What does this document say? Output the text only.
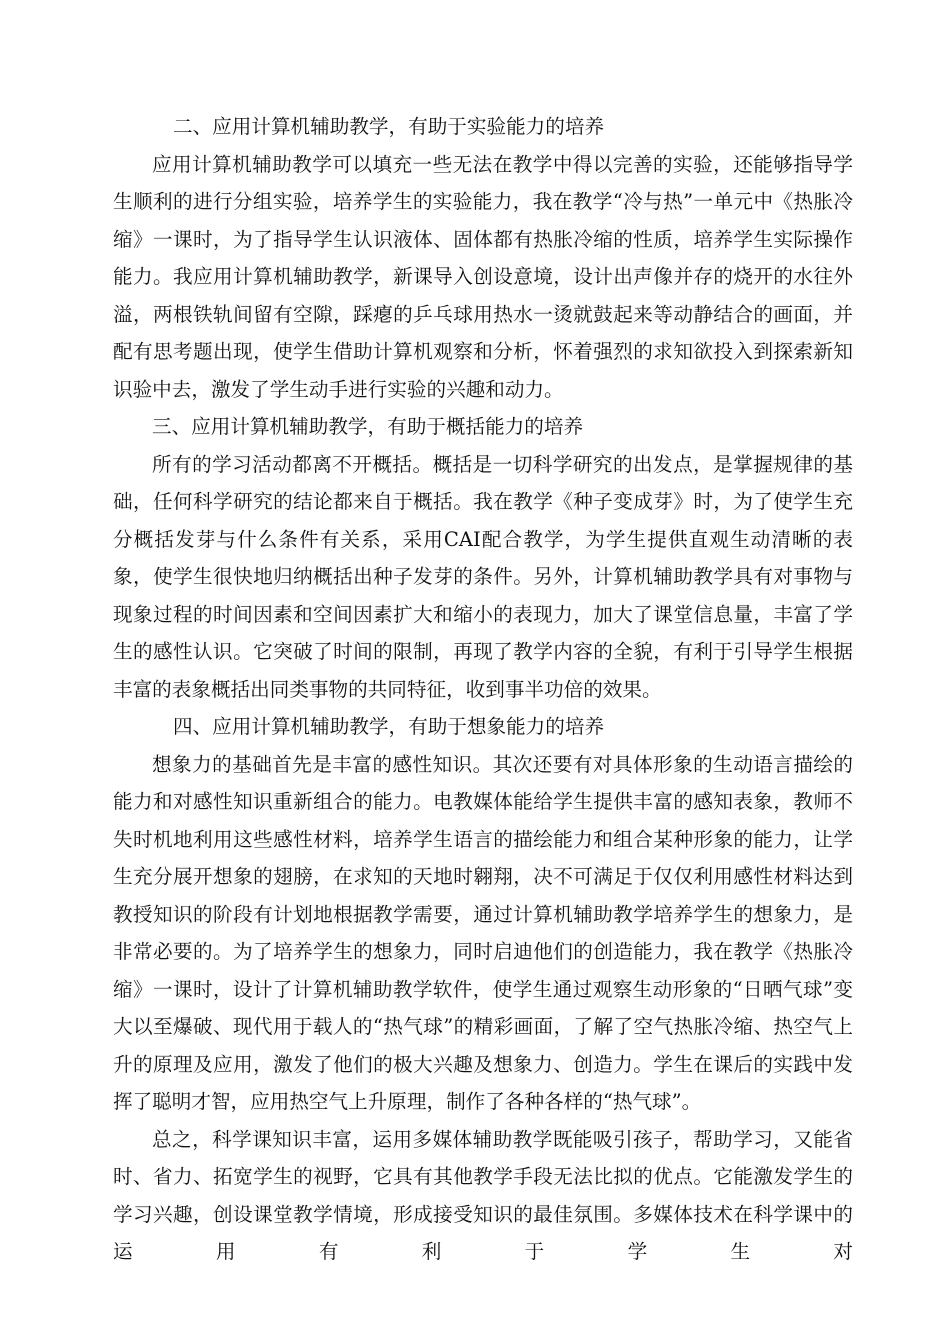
二、应用计算机辅助教学，有助于实验能力的培养

应用计算机辅助教学可以填充一些无法在教学中得以完善的实验，还能够指导学生顺利的进行分组实验，培养学生的实验能力，我在教学“冷与热”一单元中《热胀冷缩》一课时，为了指导学生认识液体、固体都有热胀冷缩的性质，培养学生实际操作能力。我应用计算机辅助教学，新课导入创设意境，设计出声像并存的烧开的水往外溢，两根铁轨间留有空隙，踩瘪的乒乓球用热水一烫就鼓起来等动静结合的画面，并配有思考题出现，使学生借助计算机观察和分析，怀着强烈的求知欲投入到探索新知识验中去，激发了学生动手进行实验的兴趣和动力。

三、应用计算机辅助教学，有助于概括能力的培养

所有的学习活动都离不开概括。概括是一切科学研究的出发点，是掌握规律的基础，任何科学研究的结论都来自于概括。我在教学《种子变成芽》时，为了使学生充分概括发芽与什么条件有关系，采用CAI配合教学，为学生提供直观生动清晰的表象，使学生很快地归纳概括出种子发芽的条件。另外，计算机辅助教学具有对事物与现象过程的时间因素和空间因素扩大和缩小的表现力，加大了课堂信息量，丰富了学生的感性认识。它突破了时间的限制，再现了教学内容的全貌，有利于引导学生根据丰富的表象概括出同类事物的共同特征，收到事半功倍的效果。

四、应用计算机辅助教学，有助于想象能力的培养

想象力的基础首先是丰富的感性知识。其次还要有对具体形象的生动语言描绘的能力和对感性知识重新组合的能力。电教媒体能给学生提供丰富的感知表象，教师不失时机地利用这些感性材料，培养学生语言的描绘能力和组合某种形象的能力，让学生充分展开想象的翅膀，在求知的天地时翱翔，决不可满足于仅仅利用感性材料达到教授知识的阶段有计划地根据教学需要，通过计算机辅助教学培养学生的想象力，是非常必要的。为了培养学生的想象力，同时启迪他们的创造能力，我在教学《热胀冷缩》一课时，设计了计算机辅助教学软件，使学生通过观察生动形象的“日晒气球”变大以至爆破、现代用于载人的“热气球”的精彩画面，了解了空气热胀冷缩、热空气上升的原理及应用，激发了他们的极大兴趣及想象力、创造力。学生在课后的实践中发挥了聪明才智，应用热空气上升原理，制作了各种各样的“热气球”。

总之，科学课知识丰富，运用多媒体辅助教学既能吸引孩子，帮助学习，又能省时、省力、拓宽学生的视野，它具有其他教学手段无法比拟的优点。它能激发学生的学习兴趣，创设课堂教学情境，形成接受知识的最佳氛围。多媒体技术在科学课中的运用有利于学生对
